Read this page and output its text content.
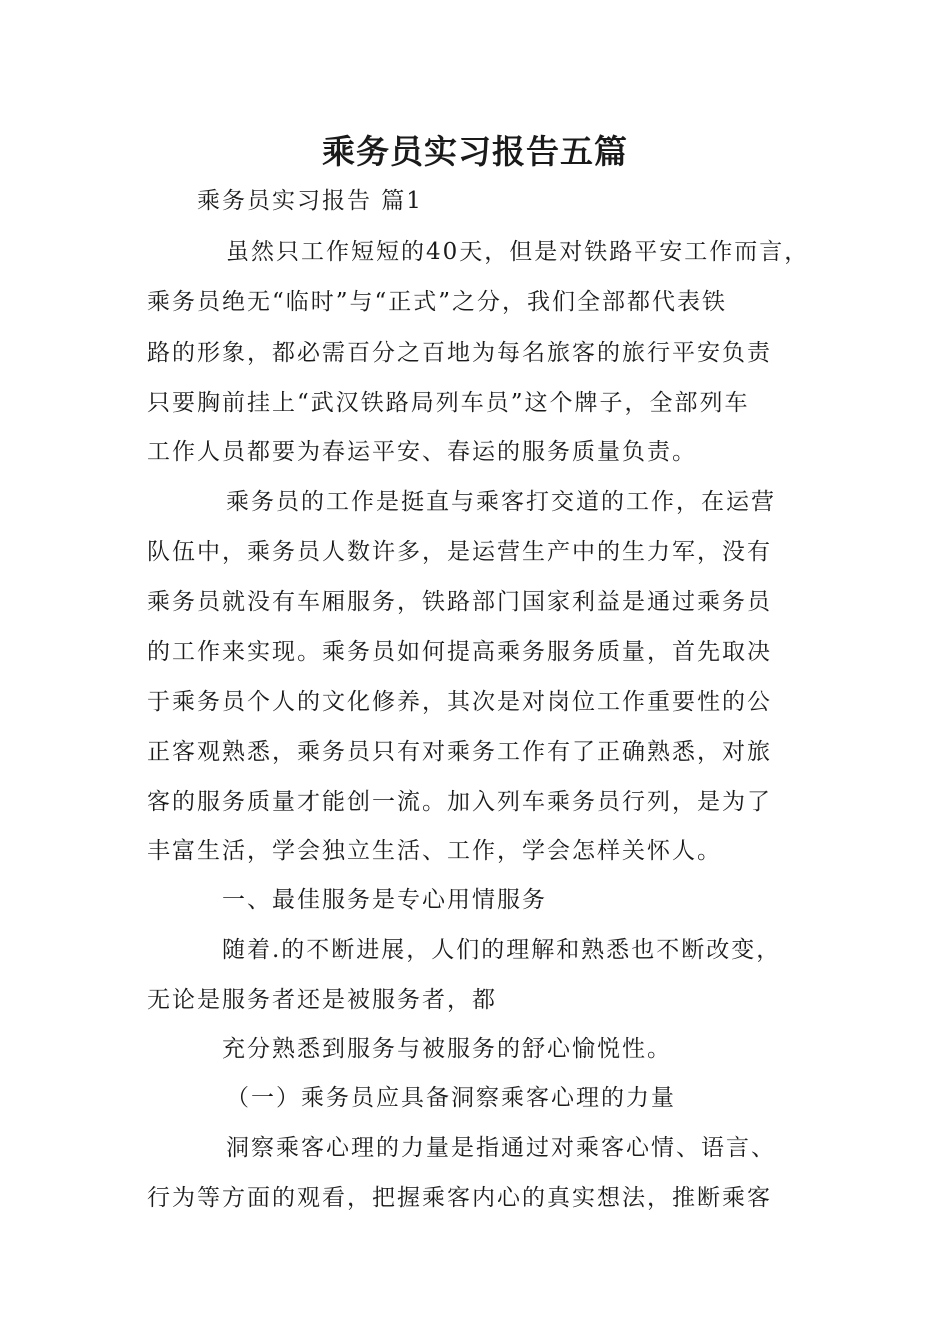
乘务员实习报告五篇

乘务员实习报告 篇1

虽然只工作短短的40天，但是对铁路平安工作而言，

乘务员绝无“临时”与“正式”之分，我们全部都代表铁

路的形象，都必需百分之百地为每名旅客的旅行平安负责

只要胸前挂上“武汉铁路局列车员”这个牌子，全部列车

工作人员都要为春运平安、春运的服务质量负责。

乘务员的工作是挺直与乘客打交道的工作，在运营

队伍中，乘务员人数许多，是运营生产中的生力军，没有

乘务员就没有车厢服务，铁路部门国家利益是通过乘务员

的工作来实现。乘务员如何提高乘务服务质量，首先取决

于乘务员个人的文化修养，其次是对岗位工作重要性的公

正客观熟悉，乘务员只有对乘务工作有了正确熟悉，对旅

客的服务质量才能创一流。加入列车乘务员行列，是为了

丰富生活，学会独立生活、工作，学会怎样关怀人。

一、最佳服务是专心用情服务

随着.的不断进展，人们的理解和熟悉也不断改变，

无论是服务者还是被服务者，都

充分熟悉到服务与被服务的舒心愉悦性。

（一）乘务员应具备洞察乘客心理的力量

洞察乘客心理的力量是指通过对乘客心情、语言、

行为等方面的观看，把握乘客内心的真实想法，推断乘客
